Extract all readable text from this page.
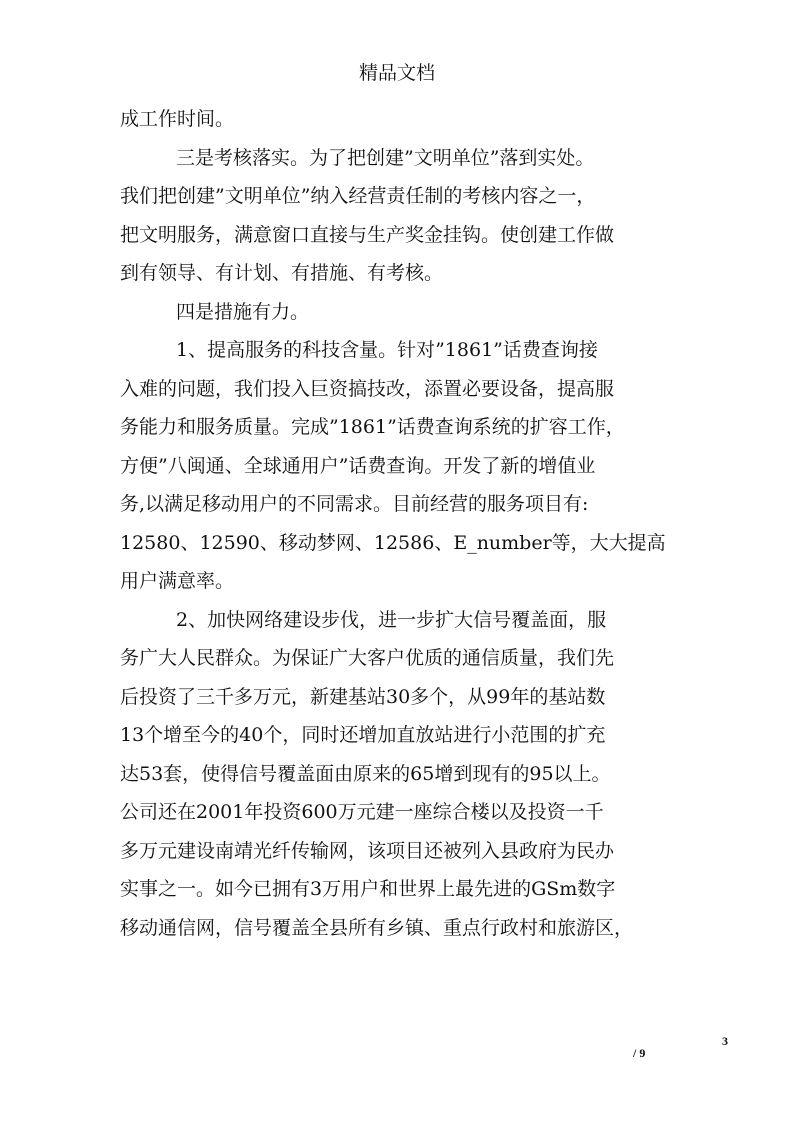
精品文档
成工作时间。
三是考核落实。为了把创建”文明单位”落到实处。
我们把创建”文明单位”纳入经营责任制的考核内容之一，
把文明服务，满意窗口直接与生产奖金挂钩。使创建工作做
到有领导、有计划、有措施、有考核。
四是措施有力。
1、提高服务的科技含量。针对”1861”话费查询接
入难的问题，我们投入巨资搞技改，添置必要设备，提高服
务能力和服务质量。完成”1861”话费查询系统的扩容工作，
方便”八闽通、全球通用户”话费查询。开发了新的增值业
务,以满足移动用户的不同需求。目前经营的服务项目有:
12580、12590、移动梦网、12586、E_number等，大大提高
用户满意率。
2、加快网络建设步伐，进一步扩大信号覆盖面，服
务广大人民群众。为保证广大客户优质的通信质量，我们先
后投资了三千多万元，新建基站30多个，从99年的基站数
13个增至今的40个，同时还增加直放站进行小范围的扩充
达53套，使得信号覆盖面由原来的65增到现有的95以上。
公司还在2001年投资600万元建一座综合楼以及投资一千
多万元建设南靖光纤传输网，该项目还被列入县政府为民办
实事之一。如今已拥有3万用户和世界上最先进的GSm数字
移动通信网，信号覆盖全县所有乡镇、重点行政村和旅游区，
3
/ 9
